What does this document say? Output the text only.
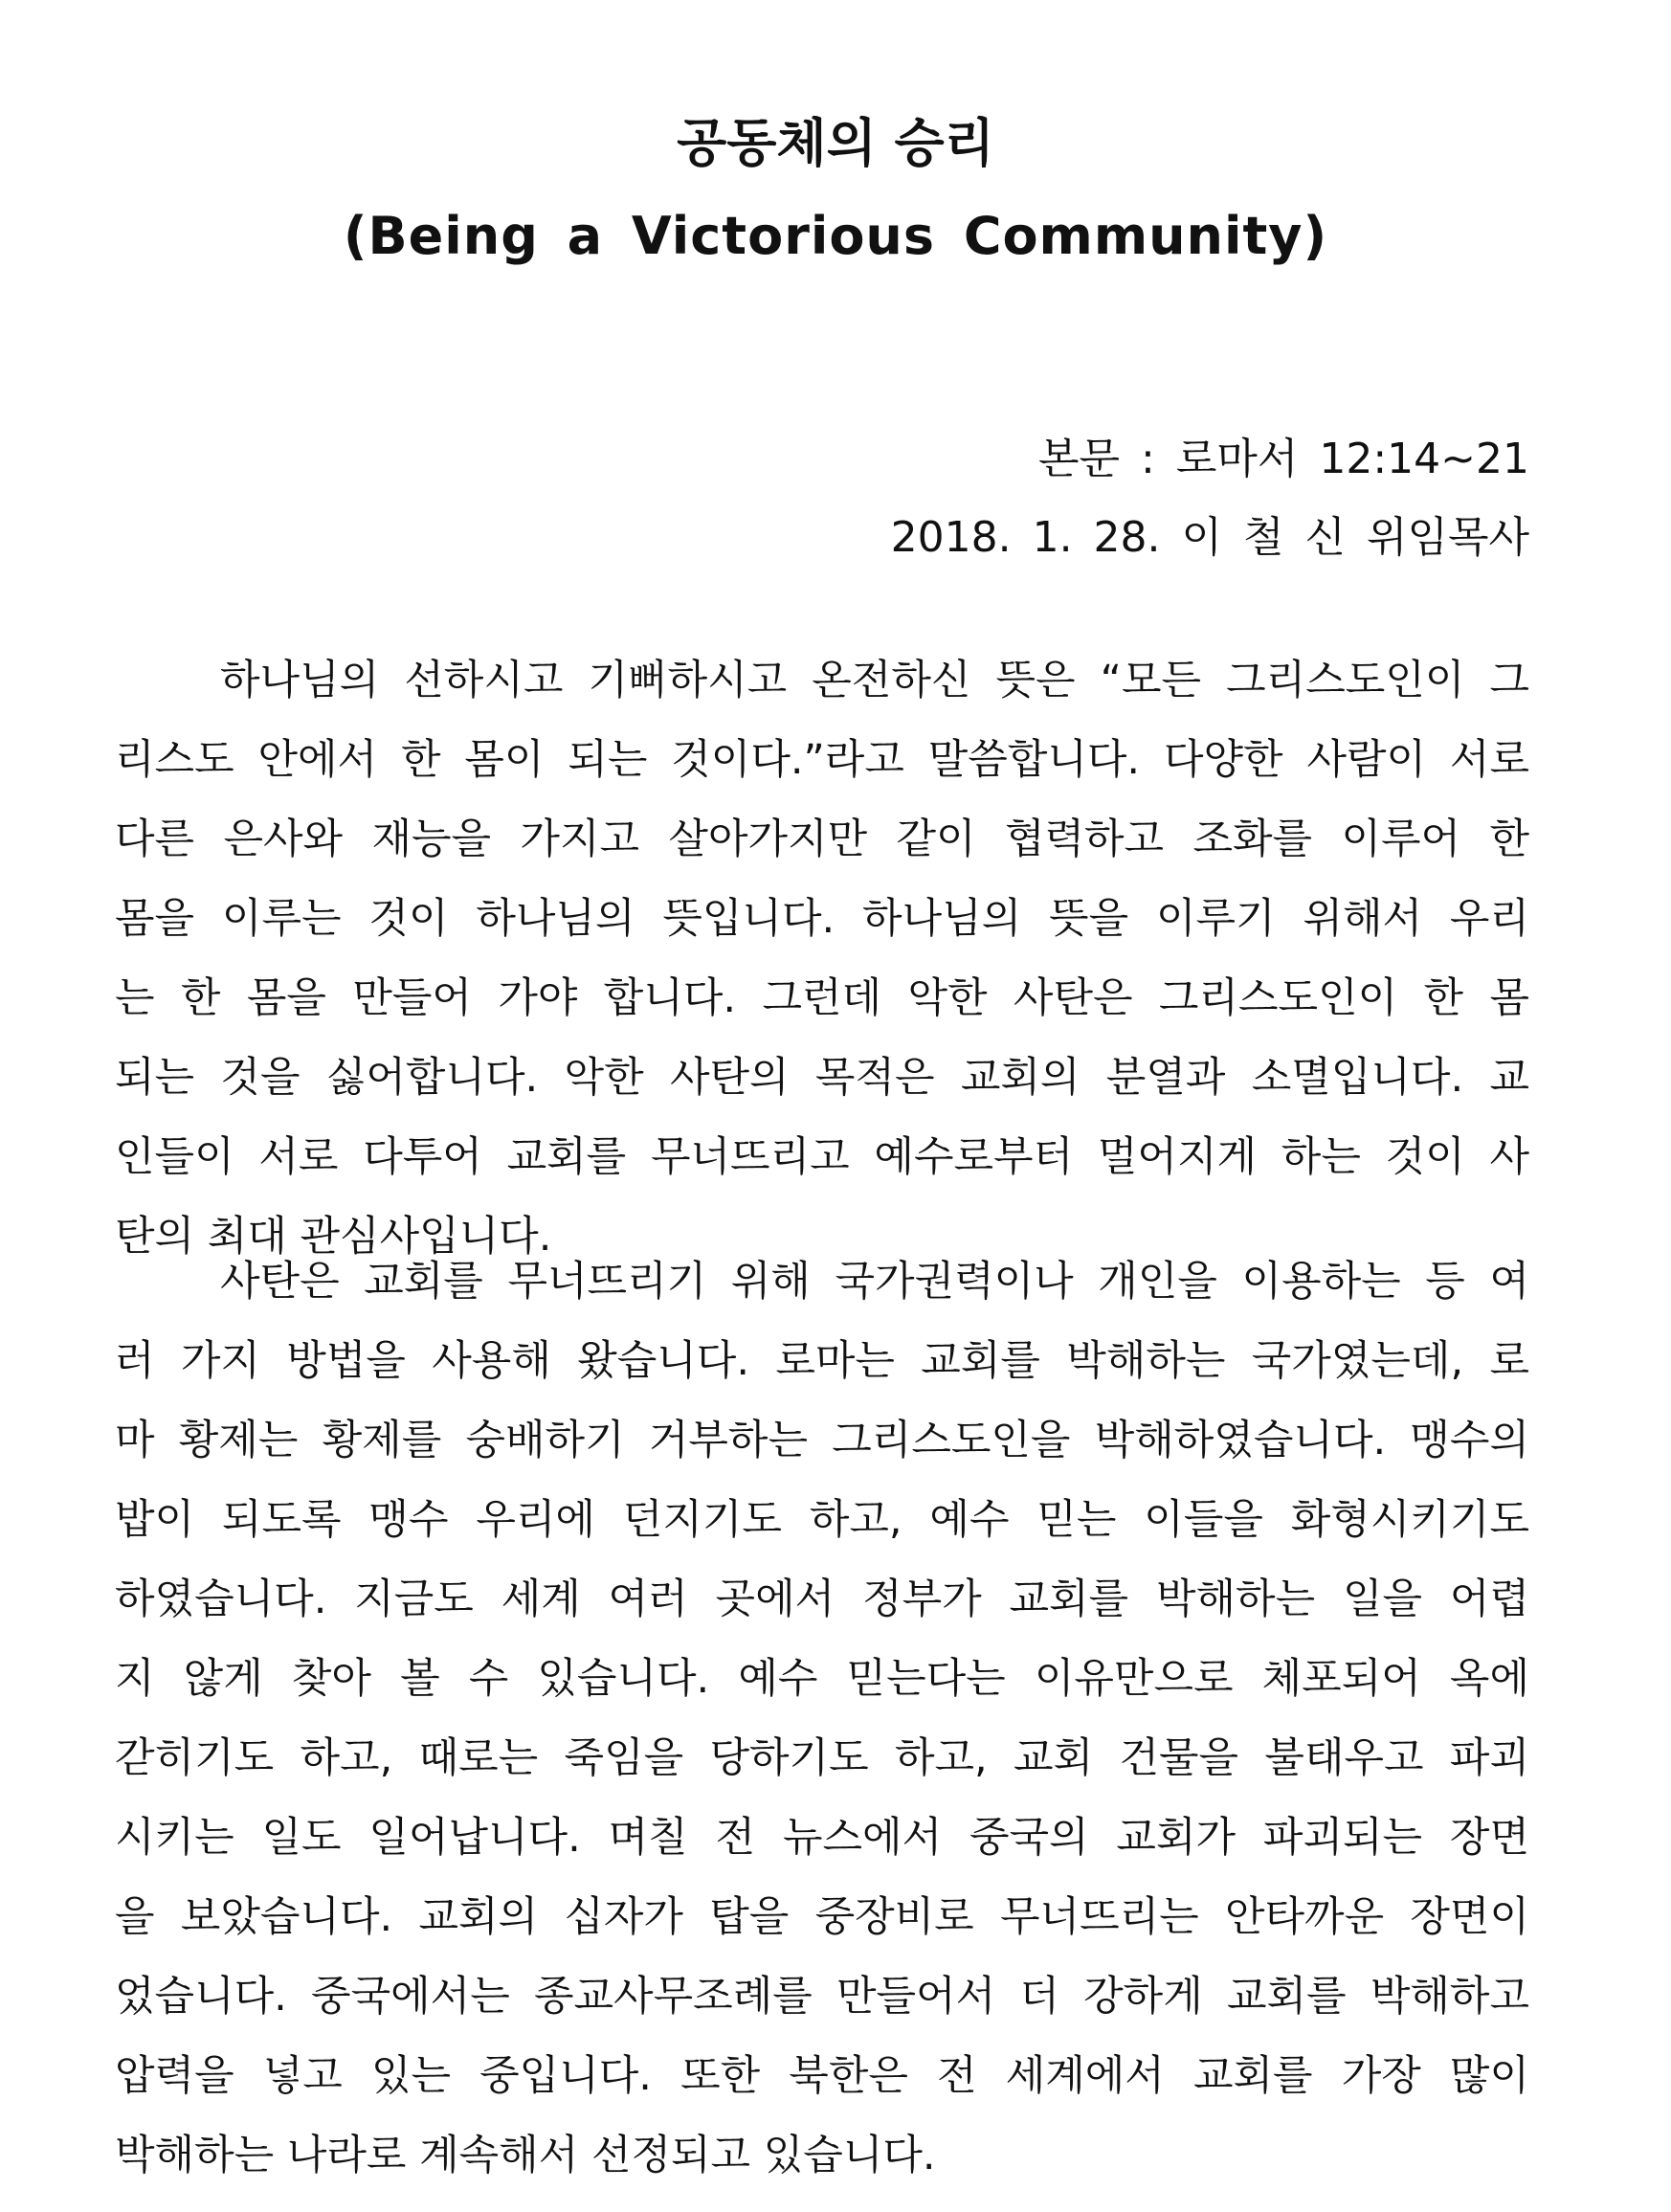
공동체의 승리
(Being a Victorious Community)
본문 : 로마서 12:14~21
2018. 1. 28. 이 철 신 위임목사
하나님의 선하시고 기뻐하시고 온전하신 뜻은 “모든 그리스도인이 그
리스도 안에서 한 몸이 되는 것이다.”라고 말씀합니다. 다양한 사람이 서로
다른 은사와 재능을 가지고 살아가지만 같이 협력하고 조화를 이루어 한
몸을 이루는 것이 하나님의 뜻입니다. 하나님의 뜻을 이루기 위해서 우리
는 한 몸을 만들어 가야 합니다. 그런데 악한 사탄은 그리스도인이 한 몸
되는 것을 싫어합니다. 악한 사탄의 목적은 교회의 분열과 소멸입니다. 교
인들이 서로 다투어 교회를 무너뜨리고 예수로부터 멀어지게 하는 것이 사
탄의 최대 관심사입니다.
사탄은 교회를 무너뜨리기 위해 국가권력이나 개인을 이용하는 등 여
러 가지 방법을 사용해 왔습니다. 로마는 교회를 박해하는 국가였는데, 로
마 황제는 황제를 숭배하기 거부하는 그리스도인을 박해하였습니다. 맹수의
밥이 되도록 맹수 우리에 던지기도 하고, 예수 믿는 이들을 화형시키기도
하였습니다. 지금도 세계 여러 곳에서 정부가 교회를 박해하는 일을 어렵
지 않게 찾아 볼 수 있습니다. 예수 믿는다는 이유만으로 체포되어 옥에
갇히기도 하고, 때로는 죽임을 당하기도 하고, 교회 건물을 불태우고 파괴
시키는 일도 일어납니다. 며칠 전 뉴스에서 중국의 교회가 파괴되는 장면
을 보았습니다. 교회의 십자가 탑을 중장비로 무너뜨리는 안타까운 장면이
었습니다. 중국에서는 종교사무조례를 만들어서 더 강하게 교회를 박해하고
압력을 넣고 있는 중입니다. 또한 북한은 전 세계에서 교회를 가장 많이
박해하는 나라로 계속해서 선정되고 있습니다.
